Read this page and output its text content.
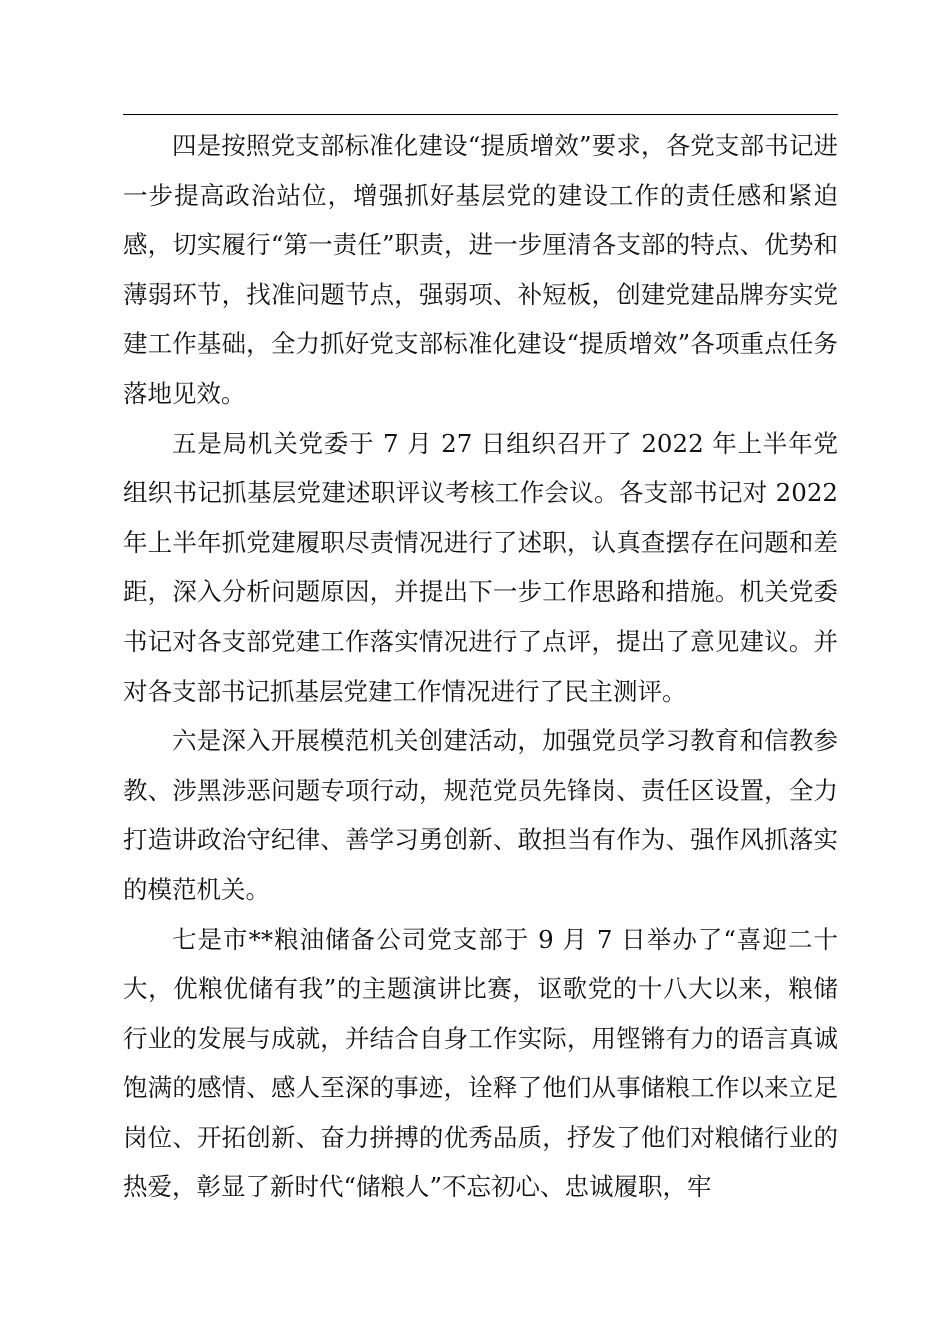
四是按照党支部标准化建设“提质增效”要求，各党支部书记进一步提高政治站位，增强抓好基层党的建设工作的责任感和紧迫感，切实履行“第一责任”职责，进一步厘清各支部的特点、优势和薄弱环节，找准问题节点，强弱项、补短板，创建党建品牌夯实党建工作基础，全力抓好党支部标准化建设“提质增效”各项重点任务落地见效。

五是局机关党委于 7 月 27 日组织召开了 2022 年上半年党组织书记抓基层党建述职评议考核工作会议。各支部书记对 2022 年上半年抓党建履职尽责情况进行了述职，认真查摆存在问题和差距，深入分析问题原因，并提出下一步工作思路和措施。机关党委书记对各支部党建工作落实情况进行了点评，提出了意见建议。并对各支部书记抓基层党建工作情况进行了民主测评。

六是深入开展模范机关创建活动，加强党员学习教育和信教参教、涉黑涉恶问题专项行动，规范党员先锋岗、责任区设置，全力打造讲政治守纪律、善学习勇创新、敢担当有作为、强作风抓落实的模范机关。

七是市**粮油储备公司党支部于 9 月 7 日举办了“喜迎二十大，优粮优储有我”的主题演讲比赛，讴歌党的十八大以来，粮储行业的发展与成就，并结合自身工作实际，用铿锵有力的语言真诚饱满的感情、感人至深的事迹，诠释了他们从事储粮工作以来立足岗位、开拓创新、奋力拼搏的优秀品质，抒发了他们对粮储行业的热爱，彰显了新时代“储粮人”不忘初心、忠诚履职，牢
